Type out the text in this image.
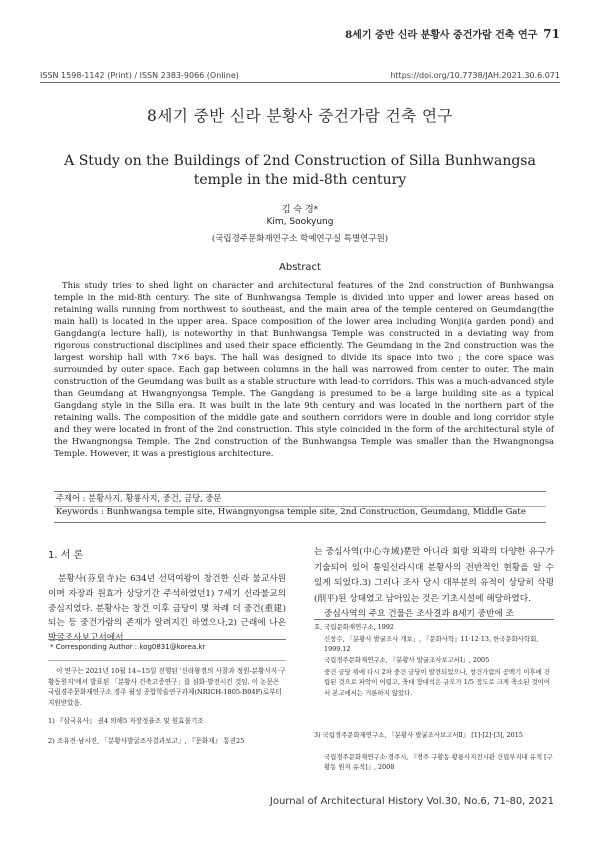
8세기 중반 신라 분황사 중건가람 건축 연구 71
ISSN 1598-1142 (Print) / ISSN 2383-9066 (Online)	https://doi.org/10.7738/JAH.2021.30.6.071
8세기 중반 신라 분황사 중건가람 건축 연구
A Study on the Buildings of 2nd Construction of Silla Bunhwangsa temple in the mid-8th century
김 숙 경*
Kim, Sookyung
(국립경주문화재연구소 학예연구실 특별연구원)
Abstract
This study tries to shed light on character and architectural features of the 2nd construction of Bunhwangsa temple in the mid-8th century. The site of Bunhwangsa Temple is divided into upper and lower areas based on retaining walls running from northwest to southeast, and the main area of the temple centered on Geumdang(the main hall) is located in the upper area. Space composition of the lower area including Wonji(a garden pond) and Gangdang(a lecture hall), is noteworthy in that Bunhwangsa Temple was constructed in a deviating way from rigorous constructional disciplines and used their space efficiently. The Geumdang in the 2nd construction was the largest worship hall with 7×6 bays. The hall was designed to divide its space into two ; the core space was surrounded by outer space. Each gap between columns in the hall was narrowed from center to outer. The main construction of the Geumdang was built as a stable structure with lead-to corridors. This was a much-advanced style than Geumdang at Hwangnyongsa Temple. The Gangdang is presumed to be a large building site as a typical Gangdang style in the Silla era. It was built in the late 9th century and was located in the northern part of the retaining walls. The composition of the middle gate and southern corridors were in double and long corridor style and they were located in front of the 2nd construction. This style coincided in the form of the architectural style of the Hwangnongsa Temple. The 2nd construction of the Bunhwangsa Temple was smaller than the Hwangnongsa Temple. However, it was a prestigious architecture.
주제어 : 분황사지, 황룡사지, 중건, 금당, 중문
Keywords : Bunhwangsa temple site, Hwangnyongsa temple site, 2nd Construction, Geumdang, Middle Gate
1. 서 론
분황사(芬皇寺)는 634년 선덕여왕이 창건한 신라 불교사원이며 자장과 원효가 상당기간 주석하였던1) 7세기 신라불교의 중심지였다. 분황사는 창건 이후 금당이 몇 차례 더 중건(重建)되는 등 중건가람의 존재가 알려지긴 하였으나,2) 근래에 나온 발굴조사보고서에서

는 중심사역(中心寺域)뿐만 아니라 회랑 외곽의 다양한 유구가 기술되어 있어 통일신라시대 분황사의 전반적인 현황을 알 수 있게 되었다.3) 그러나 조사 당시 대부분의 유적이 상당히 삭평(削平)된 상태였고 남아있는 것은 기초시설에 해당하였다.

중심사역의 주요 건물은 조사결과 8세기 중반에 조

* Corresponding Author : kog0831@korea.kr
이 연구는 2021년 10월 14~15일 진행된 '신라왕경의 사찰과 정원-분황사지·구황동원지'에서 발표된 「분황사 건축고증연구」를 심화·발전시킨 것임. 이 논문은 국립경주문화재연구소 경주 월성 종합학술연구과제(NRICH-1805-B04F)로부터 지원받았음.
1) 『삼국유사』 권4 의해5 자장정율조 및 원효불기조
2) 조유전·남시진, 「분황사발굴조사결과보고」, 『문화재』 통권25
호, 국립문화재연구소, 1992
신창수, 「분황사 발굴조사 개보」, 『문화사학』11·12·13, 한국문화사학회, 1999.12
국립경주문화재연구소, 『분황사 발굴조사보고서Ⅰ』, 2005
중건 금당 위에 다시 2차 중건 금당이 발견되었으나, 창건가람의 공백기 이후에 건립된 것으로 파악이 어렵고, 축대 장대석은 규모가 1/5 정도로 크게 축소된 것이어서 본고에서는 거론하지 않았다.
3) 국립경주문화재연구소, 『분황사 발굴조사보고서Ⅱ』 [1]·[2]·[3], 2015
국립경주문화재연구소·경주시, 『경주 구황동 황룡사지전시관 건립부지내 유적 [구황동 원지 유적]』, 2008
Journal of Architectural History Vol.30, No.6, 71-80, 2021
